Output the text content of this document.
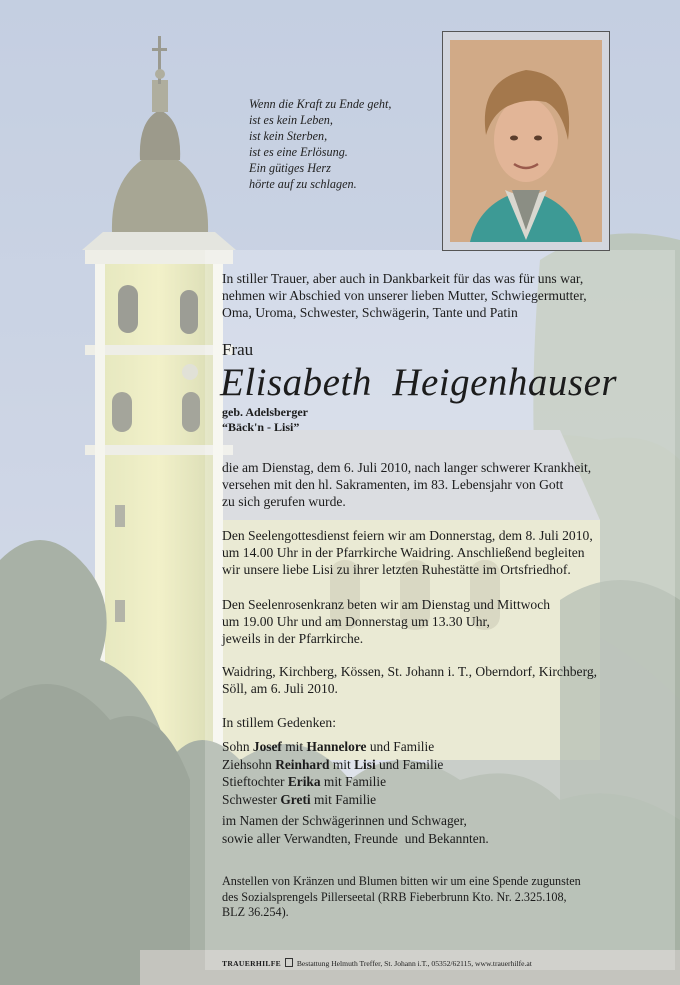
Wenn die Kraft zu Ende geht,
ist es kein Leben,
ist kein Sterben,
ist es eine Erlösung.
Ein gütiges Herz
hörte auf zu schlagen.
In stiller Trauer, aber auch in Dankbarkeit für das was für uns war,
nehmen wir Abschied von unserer lieben Mutter, Schwiegermutter,
Oma, Uroma, Schwester, Schwägerin, Tante und Patin
Frau
Elisabeth  Heigenhauser
geb. Adelsberger
“Bäck'n - Lisi”
die am Dienstag, dem 6. Juli 2010, nach langer schwerer Krankheit,
versehen mit den hl. Sakramenten, im 83. Lebensjahr von Gott
zu sich gerufen wurde.
Den Seelengottesdienst feiern wir am Donnerstag, dem 8. Juli 2010,
um 14.00 Uhr in der Pfarrkirche Waidring. Anschließend begleiten
wir unsere liebe Lisi zu ihrer letzten Ruhestätte im Ortsfriedhof.
Den Seelenrosenkranz beten wir am Dienstag und Mittwoch
um 19.00 Uhr und am Donnerstag um 13.30 Uhr,
jeweils in der Pfarrkirche.
Waidring, Kirchberg, Kössen, St. Johann i. T., Oberndorf, Kirchberg,
Söll, am 6. Juli 2010.
In stillem Gedenken:
Sohn Josef mit Hannelore und Familie
Ziehsohn Reinhard mit Lisi und Familie
Stieftochter Erika mit Familie
Schwester Greti mit Familie
im Namen der Schwägerinnen und Schwager,
sowie aller Verwandten, Freunde  und Bekannten.
Anstellen von Kränzen und Blumen bitten wir um eine Spende zugunsten
des Sozialsprengels Pillerseetal (RRB Fieberbrunn Kto. Nr. 2.325.108,
BLZ 36.254).
TRAUERHILFE Bestattung Helmuth Treffer, St. Johann i.T., 05352/62115, www.trauerhilfe.at
